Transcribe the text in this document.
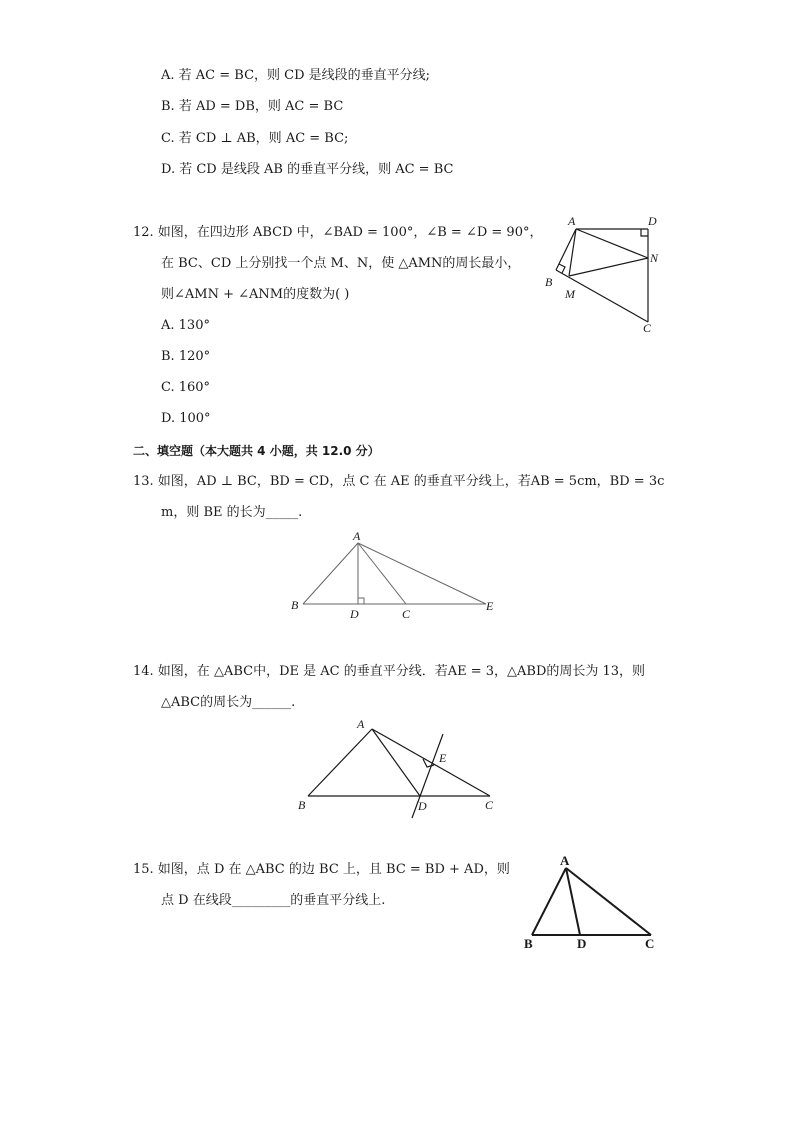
A. 若 AC = BC，则 CD 是线段的垂直平分线;
B. 若 AD = DB，则 AC = BC
C. 若 CD ⊥ AB，则 AC = BC;
D. 若 CD 是线段 AB 的垂直平分线，则 AC = BC
12. 如图，在四边形 ABCD 中，∠BAD = 100°，∠B = ∠D = 90°，
在 BC、CD 上分别找一个点 M、N，使 △AMN的周长最小，
则∠AMN + ∠ANM的度数为( )
A. 130°
B. 120°
C. 160°
D. 100°
A	D
N
B
M
C
二、填空题（本大题共 4 小题，共 12.0 分）
13. 如图，AD ⊥ BC，BD = CD，点 C 在 AE 的垂直平分线上，若AB = 5cm，BD = 3c
m，则 BE 的长为_____.
A
B
D	C
E
14. 如图，在 △ABC中，DE 是 AC 的垂直平分线．若AE = 3，△ABD的周长为 13，则
△ABC的周长为______.
A
E
B	D	C
15. 如图，点 D 在 △ABC 的边 BC 上，且 BC = BD + AD，则
点 D 在线段_________的垂直平分线上.
A
B	D	C
